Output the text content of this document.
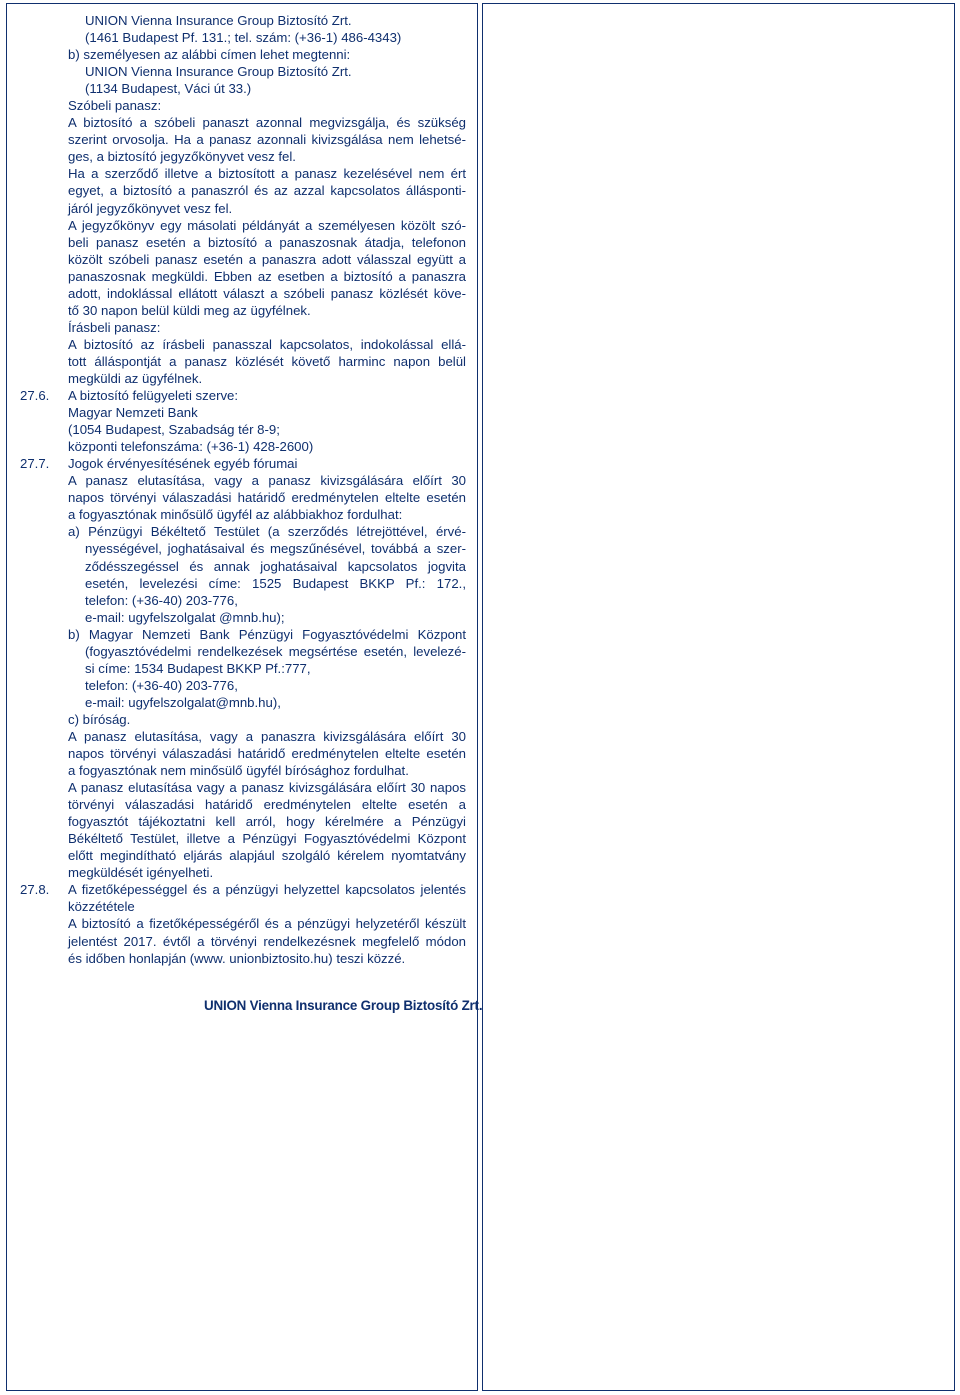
UNION Vienna Insurance Group Biztosító Zrt.
(1461 Budapest Pf. 131.; tel. szám: (+36-1) 486-4343)
b) személyesen az alábbi címen lehet megtenni:
UNION Vienna Insurance Group Biztosító Zrt.
(1134 Budapest, Váci út 33.)
Szóbeli panasz:
A biztosító a szóbeli panaszt azonnal megvizsgálja, és szükség
szerint orvosolja. Ha a panasz azonnali kivizsgálása nem lehetsé-
ges, a biztosító jegyzőkönyvet vesz fel.
Ha a szerződő illetve a biztosított a panasz kezelésével nem ért
egyet, a biztosító a panaszról és az azzal kapcsolatos állásponti-
járól jegyzőkönyvet vesz fel.
A jegyzőkönyv egy másolati példányát a személyesen közölt szó-
beli panasz esetén a biztosító a panaszosnak átadja, telefonon
közölt szóbeli panasz esetén a panaszra adott válasszal együtt a
panaszosnak megküldi. Ebben az esetben a biztosító a panaszra
adott, indoklással ellátott választ a szóbeli panasz közlését köve-
tő 30 napon belül küldi meg az ügyfélnek.
Írásbeli panasz:
A biztosító az írásbeli panasszal kapcsolatos, indokolással ellá-
tott álláspontját a panasz közlését követő harminc napon belül
megküldi az ügyfélnek.
27.6. A biztosító felügyeleti szerve:
Magyar Nemzeti Bank
(1054 Budapest, Szabadság tér 8-9;
központi telefonszáma: (+36-1) 428-2600)
27.7. Jogok érvényesítésének egyéb fórumai
A panasz elutasítása, vagy a panasz kivizsgálására előírt 30
napos törvényi válaszadási határidő eredménytelen eltelte esetén
a fogyasztónak minősülő ügyfél az alábbiakhoz fordulhat:
a) Pénzügyi Békéltető Testület (a szerződés létrejöttével, érvé-
nyességével, joghatásaival és megszűnésével, továbbá a szer-
ződésszegéssel és annak joghatásaival kapcsolatos jogvita
esetén, levelezési címe: 1525 Budapest BKKP Pf.: 172.,
telefon: (+36-40) 203-776,
e-mail: ugyfelszolgalat @mnb.hu);
b) Magyar Nemzeti Bank Pénzügyi Fogyasztóvédelmi Központ
(fogyasztóvédelmi rendelkezések megsértése esetén, levelezé-
si címe: 1534 Budapest BKKP Pf.:777,
telefon: (+36-40) 203-776,
e-mail: ugyfelszolgalat@mnb.hu),
c) bíróság.
A panasz elutasítása, vagy a panaszra kivizsgálására előírt 30
napos törvényi válaszadási határidő eredménytelen eltelte esetén
a fogyasztónak nem minősülő ügyfél bírósághoz fordulhat.
A panasz elutasítása vagy a panasz kivizsgálására előírt 30 napos
törvényi válaszadási határidő eredménytelen eltelte esetén a
fogyasztót tájékoztatni kell arról, hogy kérelmére a Pénzügyi
Békéltető Testület, illetve a Pénzügyi Fogyasztóvédelmi Központ
előtt megindítható eljárás alapjául szolgáló kérelem nyomtatvány
megküldését igényelheti.
27.8. A fizetőképességgel és a pénzügyi helyzettel kapcsolatos jelentés
közzététele
A biztosító a fizetőképességéről és a pénzügyi helyzetéről készült
jelentést 2017. évtől a törvényi rendelkezésnek megfelelő módon
és időben honlapján (www. unionbiztosito.hu) teszi közzé.
UNION Vienna Insurance Group Biztosító Zrt.
